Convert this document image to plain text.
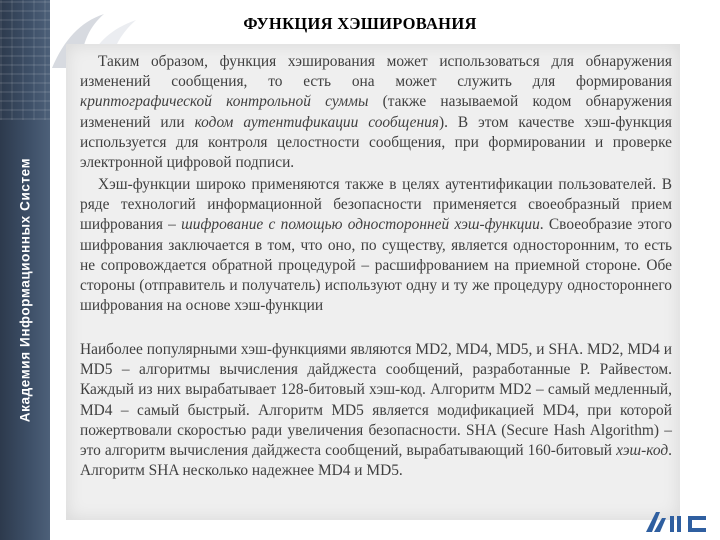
Академия Информационных Систем
ФУНКЦИЯ ХЭШИРОВАНИЯ

Таким образом, функция хэширования может использоваться для обнаружения изменений сообщения, то есть она может служить для формирования криптографической контрольной суммы (также называемой кодом обнаружения изменений или кодом аутентификации сообщения). В этом качестве хэш-функция используется для контроля целостности сообщения, при формировании и проверке электронной цифровой подписи.

Хэш-функции широко применяются также в целях аутентификации пользователей. В ряде технологий информационной безопасности применяется своеобразный прием шифрования – шифрование с помощью односторонней хэш-функции. Своеобразие этого шифрования заключается в том, что оно, по существу, является односторонним, то есть не сопровождается обратной процедурой – расшифрованием на приемной стороне. Обе стороны (отправитель и получатель) используют одну и ту же процедуру одностороннего шифрования на основе хэш-функции

Наиболее популярными хэш-функциями являются MD2, MD4, MD5, и SHA. MD2, MD4 и MD5 – алгоритмы вычисления дайджеста сообщений, разработанные Р. Райвестом. Каждый из них вырабатывает 128-битовый хэш-код. Алгоритм MD2 – самый медленный, MD4 – самый быстрый. Алгоритм MD5 является модификацией MD4, при которой пожертвовали скоростью ради увеличения безопасности. SHA (Secure Hash Algorithm) – это алгоритм вычисления дайджеста сообщений, вырабатывающий 160-битовый хэш-код. Алгоритм SHA несколько надежнее MD4 и MD5.
